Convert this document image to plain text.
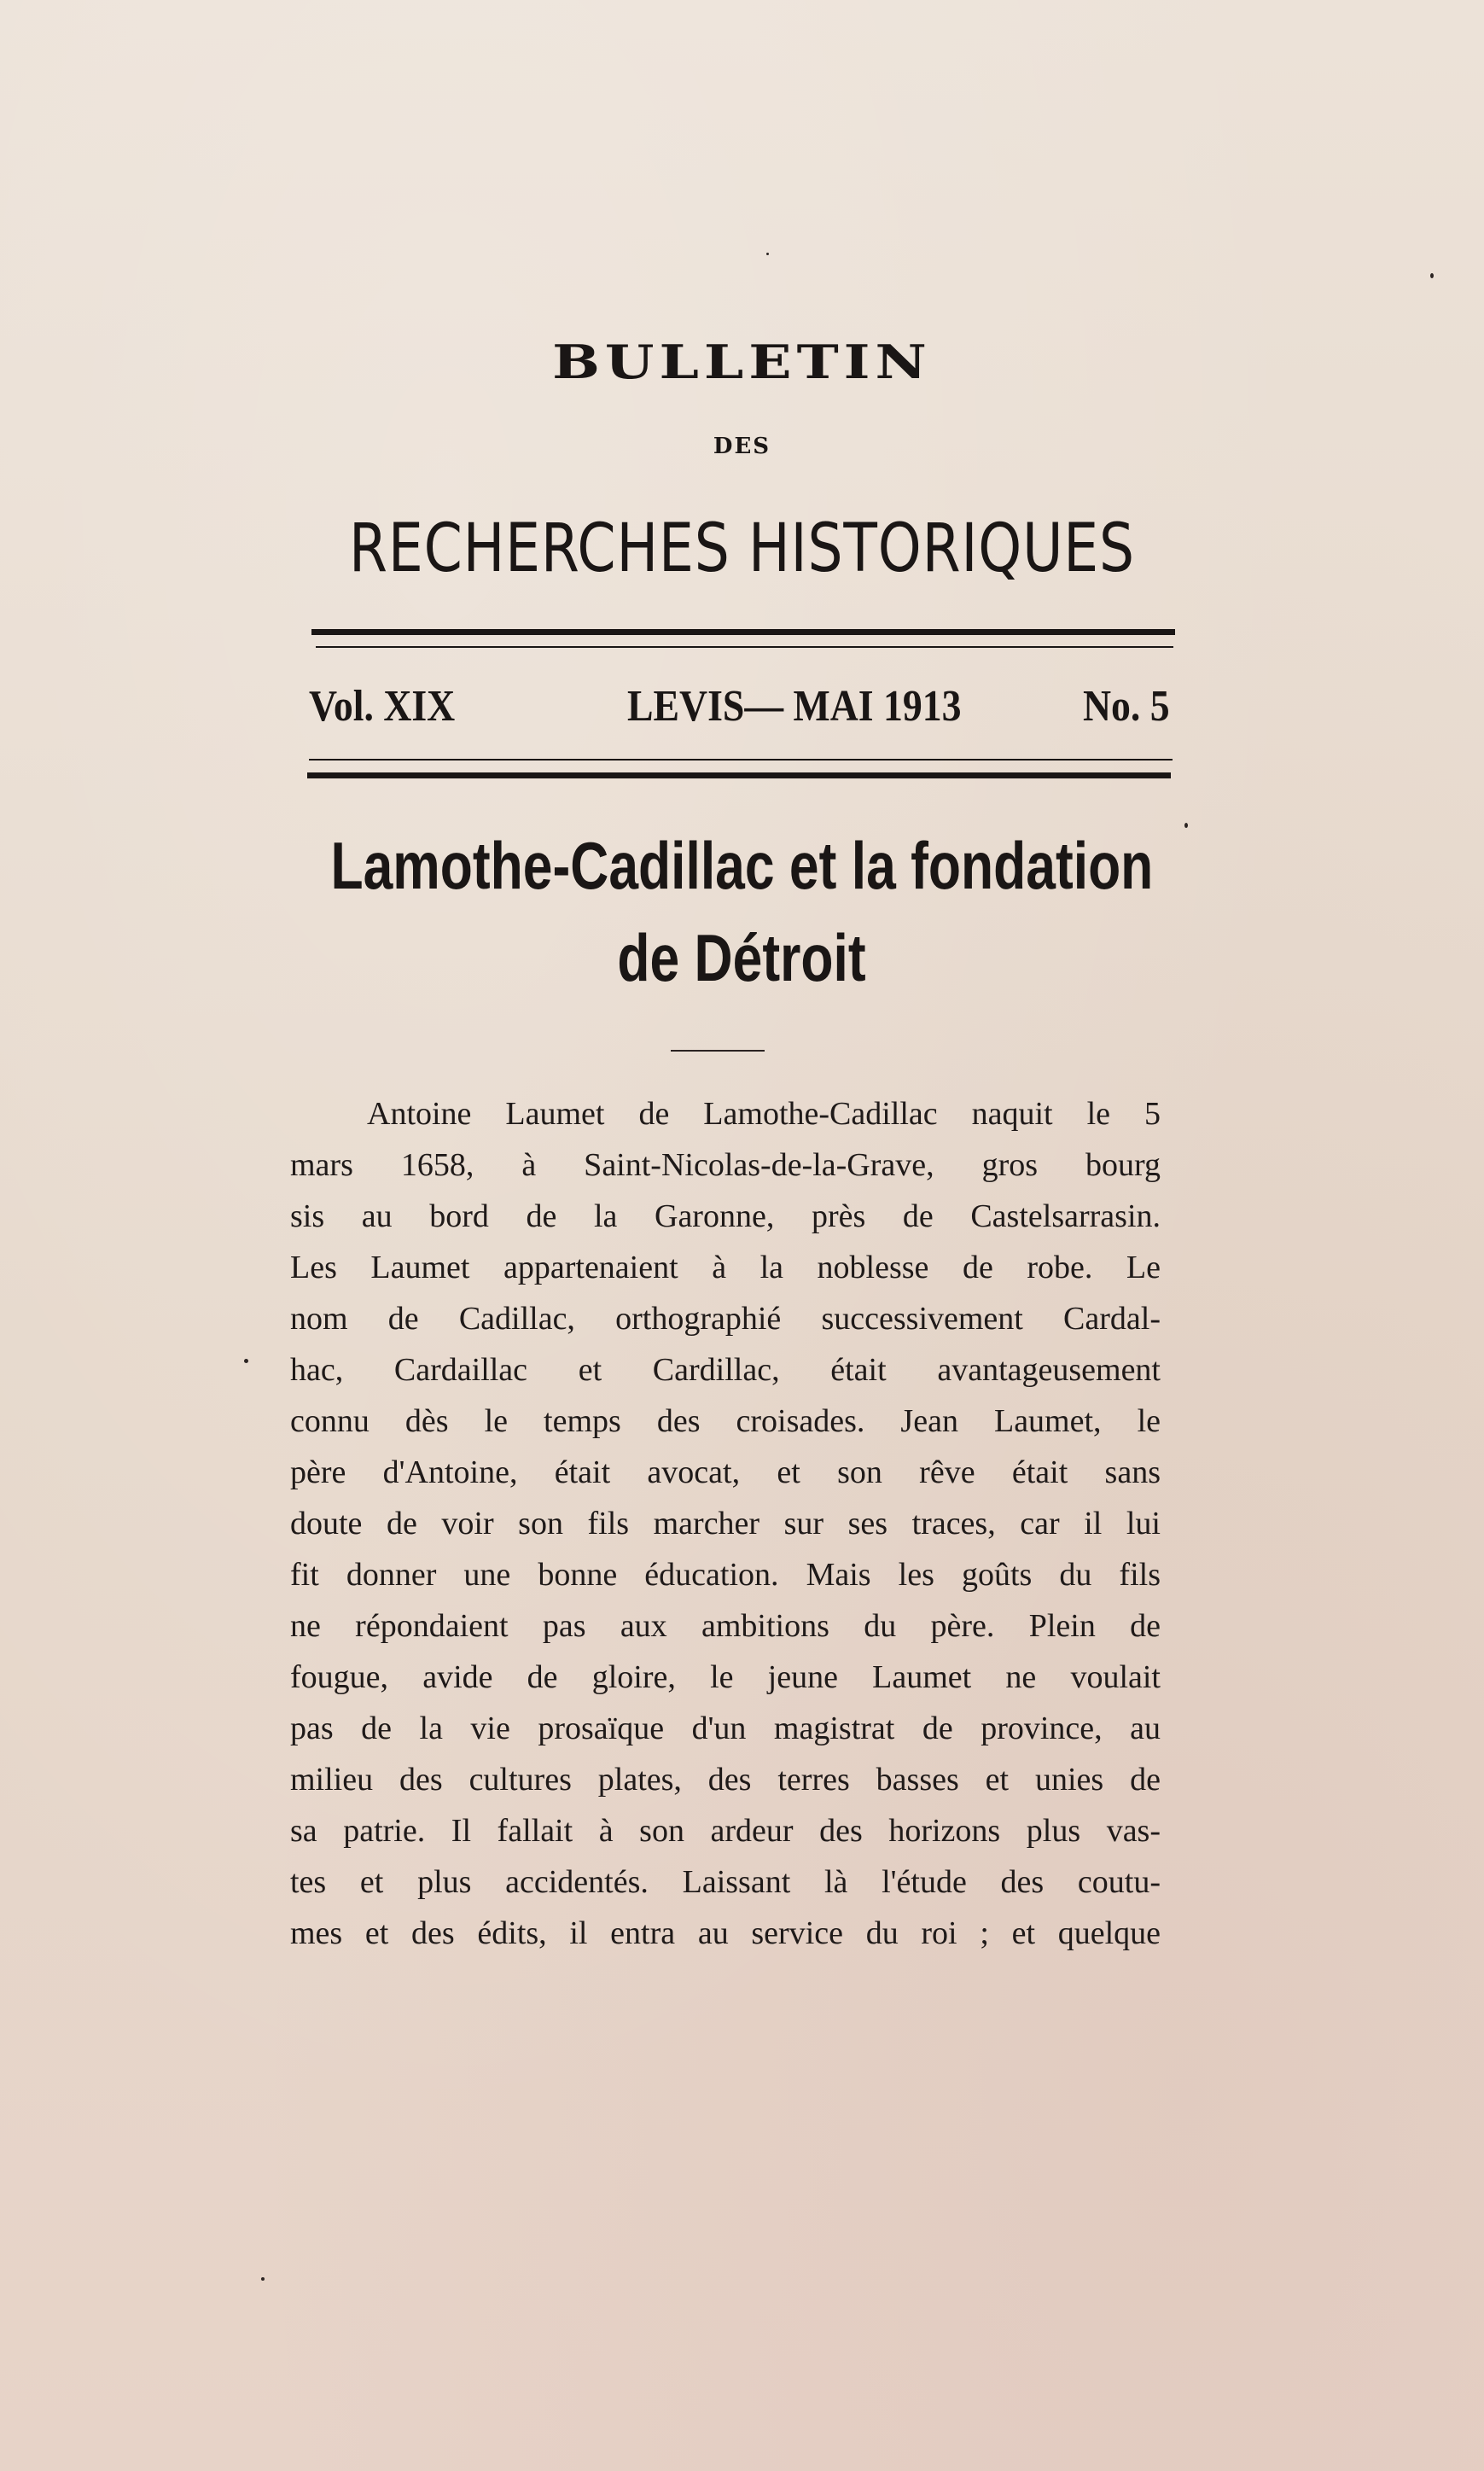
BULLETIN
DES
RECHERCHES HISTORIQUES
Vol. XIX	LEVIS— MAI 1913	No. 5
Lamothe-Cadillac et la fondation
de Détroit
Antoine Laumet de Lamothe-Cadillac naquit le 5
mars 1658, à Saint-Nicolas-de-la-Grave, gros bourg
sis au bord de la Garonne, près de Castelsarrasin.
Les Laumet appartenaient à la noblesse de robe. Le
nom de Cadillac, orthographié successivement Cardal-
hac, Cardaillac et Cardillac, était avantageusement
connu dès le temps des croisades. Jean Laumet, le
père d'Antoine, était avocat, et son rêve était sans
doute de voir son fils marcher sur ses traces, car il lui
fit donner une bonne éducation. Mais les goûts du fils
ne répondaient pas aux ambitions du père. Plein de
fougue, avide de gloire, le jeune Laumet ne voulait
pas de la vie prosaïque d'un magistrat de province, au
milieu des cultures plates, des terres basses et unies de
sa patrie. Il fallait à son ardeur des horizons plus vas-
tes et plus accidentés. Laissant là l'étude des coutu-
mes et des édits, il entra au service du roi ; et quelque
